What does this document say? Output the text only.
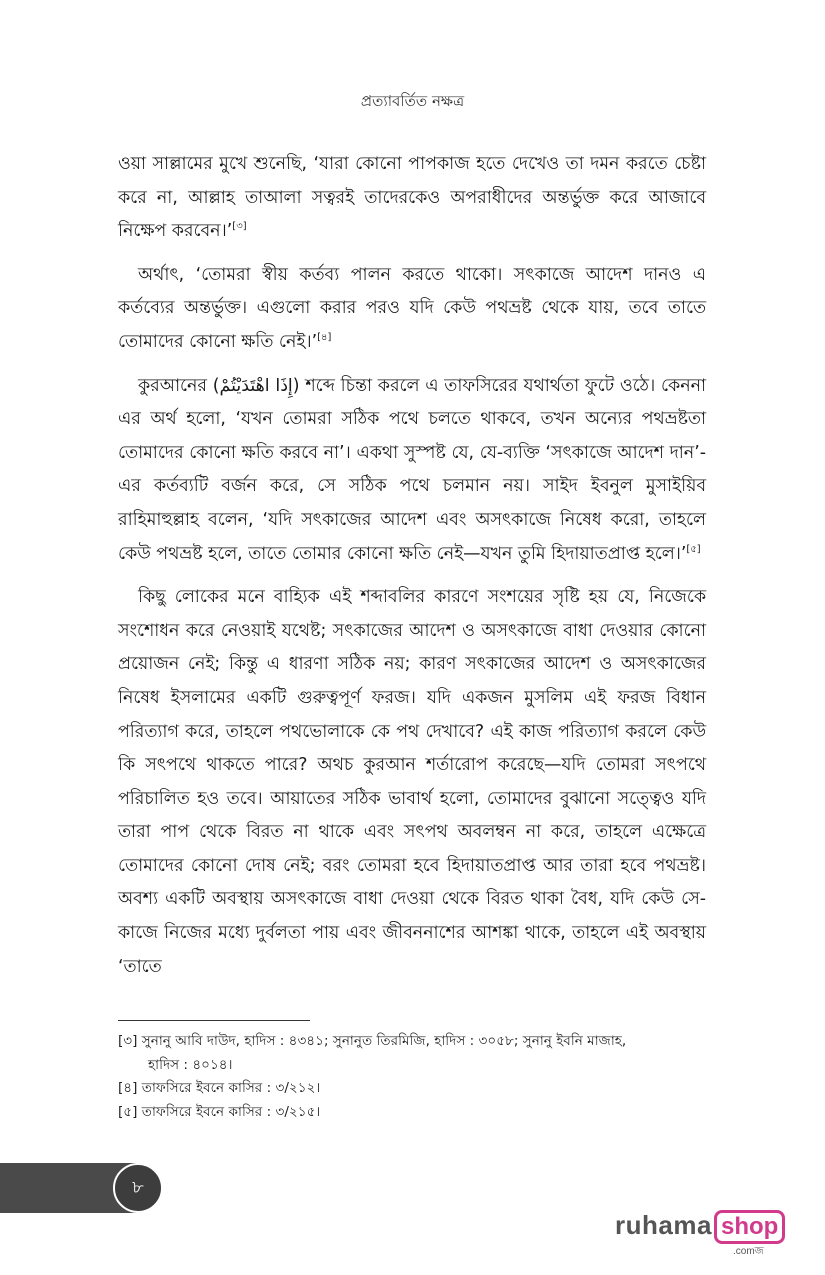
প্রত্যাবর্তিত নক্ষত্র

ওয়া সাল্লামের মুখে শুনেছি, ‘যারা কোনো পাপকাজ হতে দেখেও তা দমন করতে চেষ্টা করে না, আল্লাহ তাআলা সত্বরই তাদেরকেও অপরাধীদের অন্তর্ভুক্ত করে আজাবে নিক্ষেপ করবেন।’[৩]

অর্থাৎ, ‘তোমরা স্বীয় কর্তব্য পালন করতে থাকো। সৎকাজে আদেশ দানও এ কর্তব্যের অন্তর্ভুক্ত। এগুলো করার পরও যদি কেউ পথভ্রষ্ট থেকে যায়, তবে তাতে তোমাদের কোনো ক্ষতি নেই।’[৪]

কুরআনের (إِذَا اهْتَدَيْتُمْ) শব্দে চিন্তা করলে এ তাফসিরের যথার্থতা ফুটে ওঠে। কেননা এর অর্থ হলো, ‘যখন তোমরা সঠিক পথে চলতে থাকবে, তখন অন্যের পথভ্রষ্টতা তোমাদের কোনো ক্ষতি করবে না’। একথা সুস্পষ্ট যে, যে-ব্যক্তি ‘সৎকাজে আদেশ দান’-এর কর্তব্যটি বর্জন করে, সে সঠিক পথে চলমান নয়। সাইদ ইবনুল মুসাইয়িব রাহিমাহুল্লাহ বলেন, ‘যদি সৎকাজের আদেশ এবং অসৎকাজে নিষেধ করো, তাহলে কেউ পথভ্রষ্ট হলে, তাতে তোমার কোনো ক্ষতি নেই—যখন তুমি হিদায়াতপ্রাপ্ত হলে।’[৫]

কিছু লোকের মনে বাহ্যিক এই শব্দাবলির কারণে সংশয়ের সৃষ্টি হয় যে, নিজেকে সংশোধন করে নেওয়াই যথেষ্ট; সৎকাজের আদেশ ও অসৎকাজে বাধা দেওয়ার কোনো প্রয়োজন নেই; কিন্তু এ ধারণা সঠিক নয়; কারণ সৎকাজের আদেশ ও অসৎকাজের নিষেধ ইসলামের একটি গুরুত্বপূর্ণ ফরজ। যদি একজন মুসলিম এই ফরজ বিধান পরিত্যাগ করে, তাহলে পথভোলাকে কে পথ দেখাবে? এই কাজ পরিত্যাগ করলে কেউ কি সৎপথে থাকতে পারে? অথচ কুরআন শর্তারোপ করেছে—যদি তোমরা সৎপথে পরিচালিত হও তবে। আয়াতের সঠিক ভাবার্থ হলো, তোমাদের বুঝানো সত্ত্বেও যদি তারা পাপ থেকে বিরত না থাকে এবং সৎপথ অবলম্বন না করে, তাহলে এক্ষেত্রে তোমাদের কোনো দোষ নেই; বরং তোমরা হবে হিদায়াতপ্রাপ্ত আর তারা হবে পথভ্রষ্ট। অবশ্য একটি অবস্থায় অসৎকাজে বাধা দেওয়া থেকে বিরত থাকা বৈধ, যদি কেউ সে-কাজে নিজের মধ্যে দুর্বলতা পায় এবং জীবননাশের আশঙ্কা থাকে, তাহলে এই অবস্থায় ‘তাতে

[৩] সুনানু আবি দাউদ, হাদিস : ৪৩৪১; সুনানুত তিরমিজি, হাদিস : ৩০৫৮; সুনানু ইবনি মাজাহ,
হাদিস : ৪০১৪।
[৪] তাফসিরে ইবনে কাসির : ৩/২১২।
[৫] তাফসিরে ইবনে কাসির : ৩/২১৫।
৮
ruhama shop
.comজ
